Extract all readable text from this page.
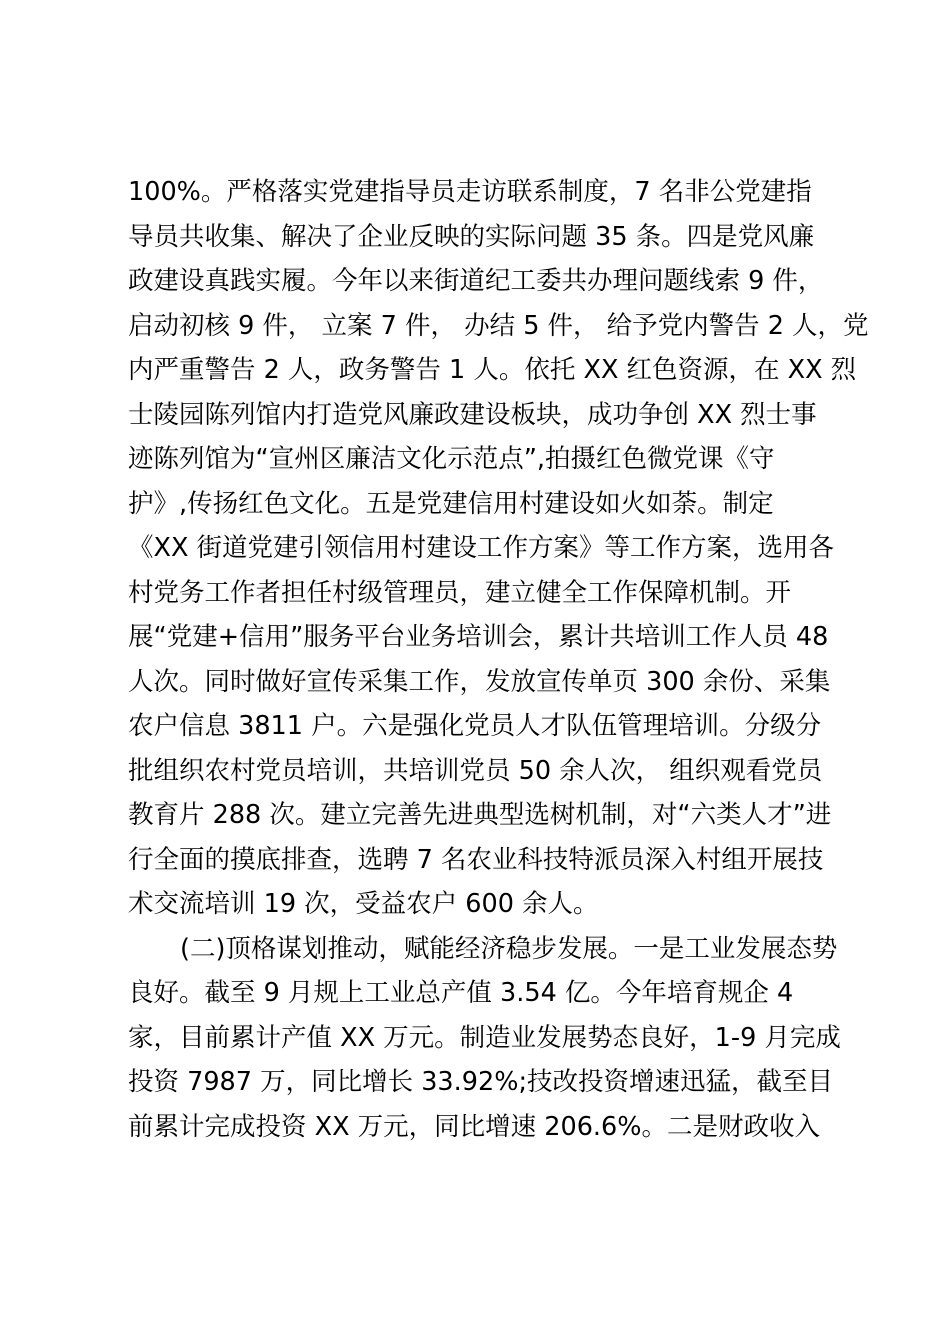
100%。严格落实党建指导员走访联系制度，7 名非公党建指
导员共收集、解决了企业反映的实际问题 35 条。四是党风廉
政建设真践实履。今年以来街道纪工委共办理问题线索 9 件，
启动初核 9 件， 立案 7 件， 办结 5 件， 给予党内警告 2 人，党
内严重警告 2 人，政务警告 1 人。依托 XX 红色资源，在 XX 烈
士陵园陈列馆内打造党风廉政建设板块，成功争创 XX 烈士事
迹陈列馆为“宣州区廉洁文化示范点”,拍摄红色微党课《守
护》,传扬红色文化。五是党建信用村建设如火如荼。制定
《XX 街道党建引领信用村建设工作方案》等工作方案，选用各
村党务工作者担任村级管理员，建立健全工作保障机制。开
展“党建+信用”服务平台业务培训会，累计共培训工作人员 48
人次。同时做好宣传采集工作，发放宣传单页 300 余份、采集
农户信息 3811 户。六是强化党员人才队伍管理培训。分级分
批组织农村党员培训，共培训党员 50 余人次， 组织观看党员
教育片 288 次。建立完善先进典型选树机制，对“六类人才”进
行全面的摸底排查，选聘 7 名农业科技特派员深入村组开展技
术交流培训 19 次，受益农户 600 余人。
(二)顶格谋划推动，赋能经济稳步发展。一是工业发展态势
良好。截至 9 月规上工业总产值 3.54 亿。今年培育规企 4
家，目前累计产值 XX 万元。制造业发展势态良好，1-9 月完成
投资 7987 万，同比增长 33.92%;技改投资增速迅猛，截至目
前累计完成投资 XX 万元，同比增速 206.6%。二是财政收入
